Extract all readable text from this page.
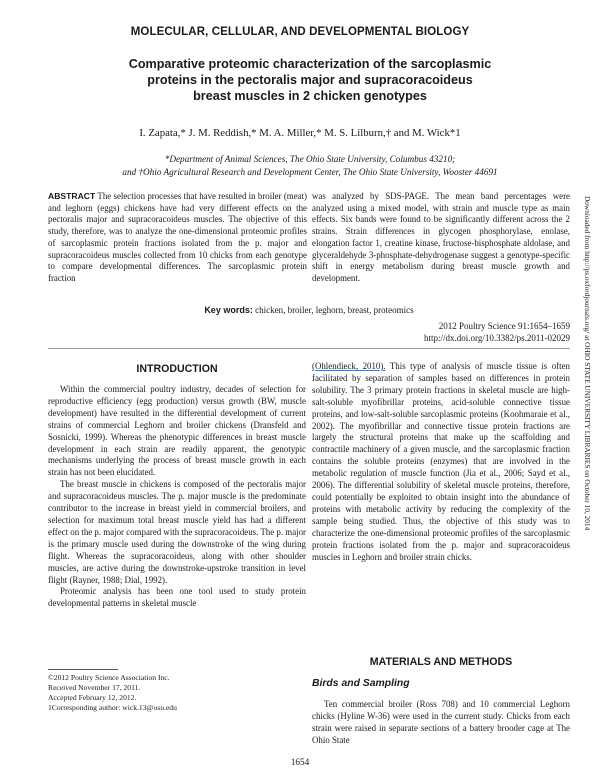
MOLECULAR, CELLULAR, AND DEVELOPMENTAL BIOLOGY
Comparative proteomic characterization of the sarcoplasmic
proteins in the pectoralis major and supracoracoideus
breast muscles in 2 chicken genotypes
I. Zapata,* J. M. Reddish,* M. A. Miller,* M. S. Lilburn,† and M. Wick*1
*Department of Animal Sciences, The Ohio State University, Columbus 43210;
and †Ohio Agricultural Research and Development Center, The Ohio State University, Wooster 44691
ABSTRACT The selection processes that have resulted in broiler (meat) and leghorn (eggs) chickens have had very different effects on the pectoralis major and supracoracoideus muscles. The objective of this study, therefore, was to analyze the one-dimensional proteomic profiles of sarcoplasmic protein fractions isolated from the p. major and supracoracoideus muscles collected from 10 chicks from each genotype to compare developmental differences. The sarcoplasmic protein fraction
was analyzed by SDS-PAGE. The mean band percentages were analyzed using a mixed model, with strain and muscle type as main effects. Six bands were found to be significantly different across the 2 strains. Strain differences in glycogen phosphorylase, enolase, elongation factor 1, creatine kinase, fructose-bisphosphate aldolase, and glyceraldehyde 3-phosphate-dehydrogenase suggest a genotype-specific shift in energy metabolism during breast muscle growth and development.
Key words: chicken, broiler, leghorn, breast, proteomics
2012 Poultry Science 91:1654–1659
http://dx.doi.org/10.3382/ps.2011-02029
INTRODUCTION

Within the commercial poultry industry, decades of selection for reproductive efficiency (egg production) versus growth (BW, muscle development) have resulted in the differential development of current strains of commercial Leghorn and broiler chickens (Dransfeld and Sosnicki, 1999). Whereas the phenotypic differences in breast muscle development in each strain are readily apparent, the genotypic mechanisms underlying the process of breast muscle growth in each strain has not been elucidated.

The breast muscle in chickens is composed of the pectoralis major and supracoracoideus muscles. The p. major muscle is the predominate contributor to the increase in breast yield in commercial broilers, and selection for maximum total breast muscle yield has had a different effect on the p. major compared with the supracoracoideus. The p. major is the primary muscle used during the downstroke of the wing during flight. Whereas the supracoracoideus, along with other shoulder muscles, are active during the downstroke-upstroke transition in level flight (Rayner, 1988; Dial, 1992).

Proteomic analysis has been one tool used to study protein developmental patterns in skeletal muscle

©2012 Poultry Science Association Inc.
Received November 17, 2011.
Accepted February 12, 2012.
1Corresponding author: wick.13@osu.edu

(Ohlendieck, 2010). This type of analysis of muscle tissue is often facilitated by separation of samples based on differences in protein solubility. The 3 primary protein fractions in skeletal muscle are high-salt-soluble myofibrillar proteins, acid-soluble connective tissue proteins, and low-salt-soluble sarcoplasmic proteins (Koohmaraie et al., 2002). The myofibrillar and connective tissue protein fractions are largely the structural proteins that make up the scaffolding and contractile machinery of a given muscle, and the sarcoplasmic fraction contains the soluble proteins (enzymes) that are involved in the metabolic regulation of muscle function (Jia et al., 2006; Sayd et al., 2006). The differential solubility of skeletal muscle proteins, therefore, could potentially be exploited to obtain insight into the abundance of proteins with metabolic activity by reducing the complexity of the sample being studied. Thus, the objective of this study was to characterize the one-dimensional proteomic profiles of the sarcoplasmic protein fractions isolated from the p. major and supracoracoideus muscles in Leghorn and broiler strain chicks.

MATERIALS AND METHODS
Birds and Sampling

Ten commercial broiler (Ross 708) and 10 commercial Leghorn chicks (Hyline W-36) were used in the current study. Chicks from each strain were raised in separate sections of a battery brooder cage at The Ohio State

1654
Downloaded from http://ps.oxfordjournals.org/ at OHIO STATE UNIVERSITY LIBRARIES on October 10, 2014
